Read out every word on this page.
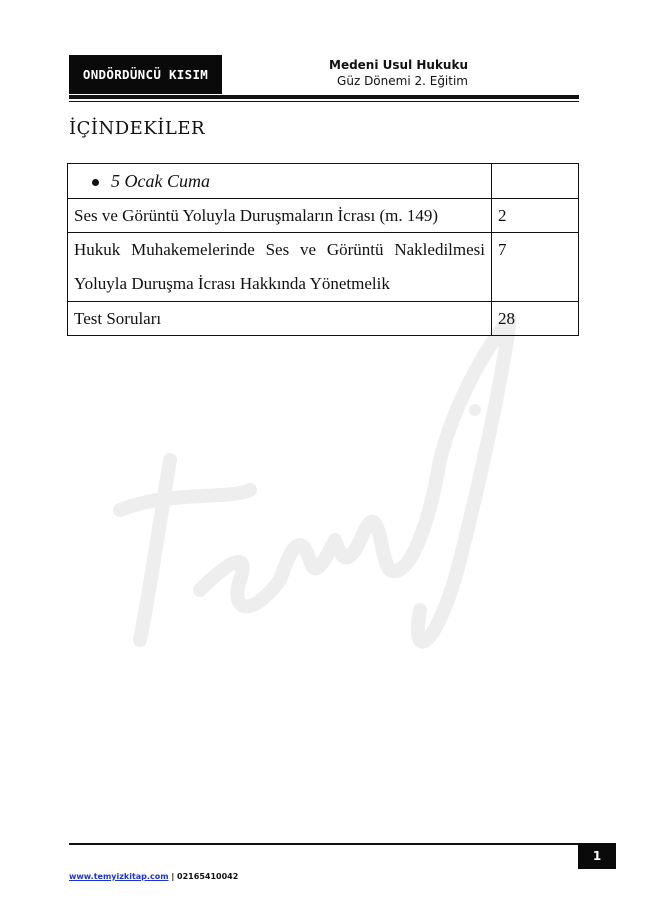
ONDÖRDÜNCÜ KISIM
Medeni Usul Hukuku
Güz Dönemi 2. Eğitim
İÇİNDEKİLER
5 Ocak Cuma	
Ses ve Görüntü Yoluyla Duruşmaların İcrası (m. 149)	2
Hukuk Muhakemelerinde Ses ve Görüntü Nakledilmesi Yoluyla Duruşma İcrası Hakkında Yönetmelik	7
Test Soruları	28
1
www.temyizkitap.com | 02165410042
